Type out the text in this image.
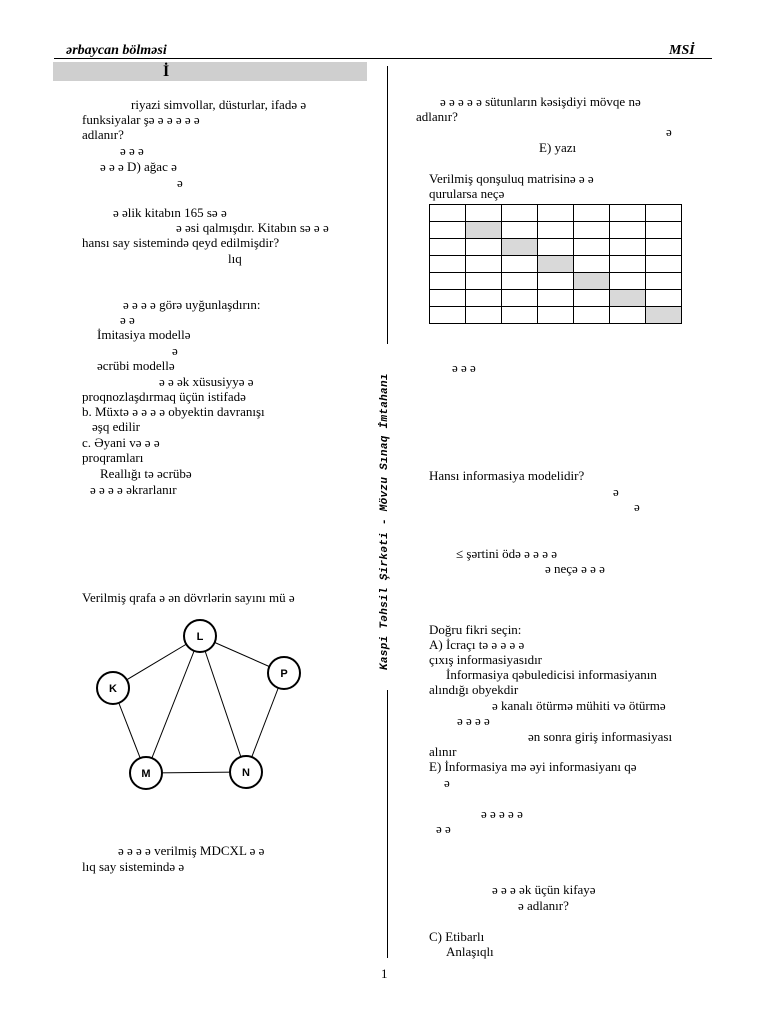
ərbaycan bölməsi	MSİ
İ
riyazi simvollar, düsturlar, ifadə ə
funksiyalar şə ə ə ə ə ə
adlanır?
ə ə ə
ə ə ə D) ağac ə
ə
ə əlik kitabın 165 sə ə
ə əsi qalmışdır. Kitabın sə ə ə
hansı say sistemində qeyd edilmişdir?
lıq
ə ə ə ə görə uyğunlaşdırın:
ə ə
İmitasiya modellə
ə
əcrübi modellə
ə ə ək xüsusiyyə ə
proqnozlaşdırmaq üçün istifadə
b. Müxtə ə ə ə ə obyektin davranışı
əşq edilir
c. Əyani və ə ə
proqramları
Reallığı tə əcrübə
ə ə ə ə əkrarlanır
Verilmiş qrafa ə ən dövrlərin sayını mü ə
L
K
P
M	N
ə ə ə ə verilmiş MDCXL ə ə
lıq say sistemində ə
Kaspi Təhsil Şirkəti - Mövzu Sınaq İmtahanı
ə ə ə ə ə sütunların kəsişdiyi mövqe nə
adlanır?
ə
E) yazı
Verilmiş qonşuluq matrisinə ə ə
qurularsa neçə

ə ə ə
Hansı informasiya modelidir?
ə
ə
≤ şərtini ödə ə ə ə ə
ə neçə ə ə ə
Doğru fikri seçin:
A) İcraçı tə ə ə ə ə
çıxış informasiyasıdır
İnformasiya qəbuledicisi informasiyanın
alındığı obyekdir
ə kanalı ötürmə mühiti və ötürmə
ə ə ə ə
ən sonra giriş informasiyası
alınır
E) İnformasiya mə əyi informasiyanı qə
ə
ə ə ə ə ə
ə ə
ə ə ə ək üçün kifayə
ə adlanır?
C) Etibarlı
Anlaşıqlı
1
